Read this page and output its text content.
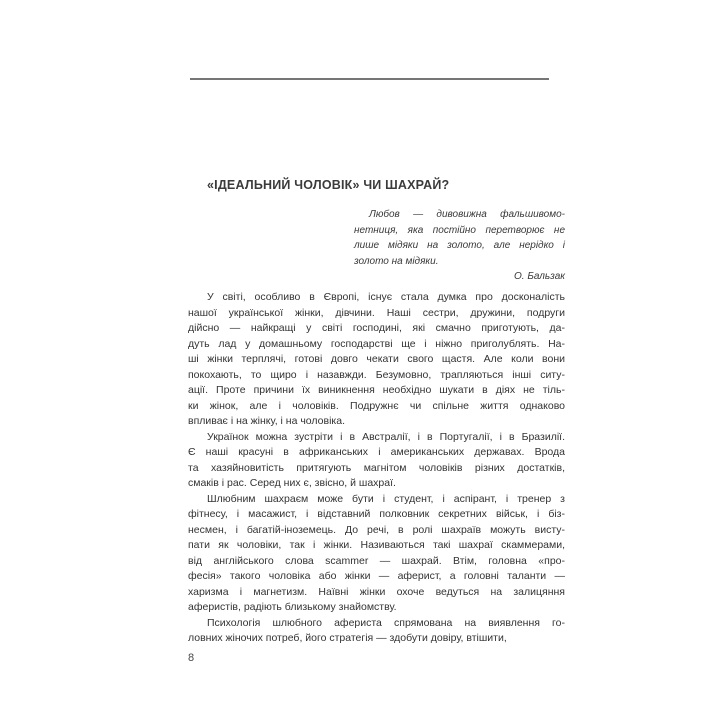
«ІДЕАЛЬНИЙ ЧОЛОВІК» ЧИ ШАХРАЙ?
Любов — дивовижна фальшивомо-
нетниця, яка постійно перетворює не
лише мідяки на золото, але нерідко і
золото на мідяки.
О. Бальзак
У світі, особливо в Європі, існує стала думка про досконалість
нашої української жінки, дівчини. Наші сестри, дружини, подруги
дійсно — найкращі у світі господині, які смачно приготують, да-
дуть лад у домашньому господарстві ще і ніжно приголублять. На-
ші жінки терплячі, готові довго чекати свого щастя. Але коли вони
покохають, то щиро і назавжди. Безумовно, трапляються інші ситу-
ації. Проте причини їх виникнення необхідно шукати в діях не тіль-
ки жінок, але і чоловіків. Подружнє чи спільне життя однаково
впливає і на жінку, і на чоловіка.
Українок можна зустріти і в Австралії, і в Португалії, і в Бразилії.
Є наші красуні в африканських і американських державах. Врода
та хазяйновитість притягують магнітом чоловіків різних достатків,
смаків і рас. Серед них є, звісно, й шахраї.
Шлюбним шахраєм може бути і студент, і аспірант, і тренер з
фітнесу, і масажист, і відставний полковник секретних військ, і біз-
несмен, і багатій-іноземець. До речі, в ролі шахраїв можуть висту-
пати як чоловіки, так і жінки. Називаються такі шахраї скаммерами,
від англійського слова scammer — шахрай. Втім, головна «про-
фесія» такого чоловіка або жінки — аферист, а головні таланти —
харизма і магнетизм. Наївні жінки охоче ведуться на залицяння
аферистів, радіють близькому знайомству.
Психологія шлюбного афериста спрямована на виявлення го-
ловних жіночих потреб, його стратегія — здобути довіру, втішити,
8
